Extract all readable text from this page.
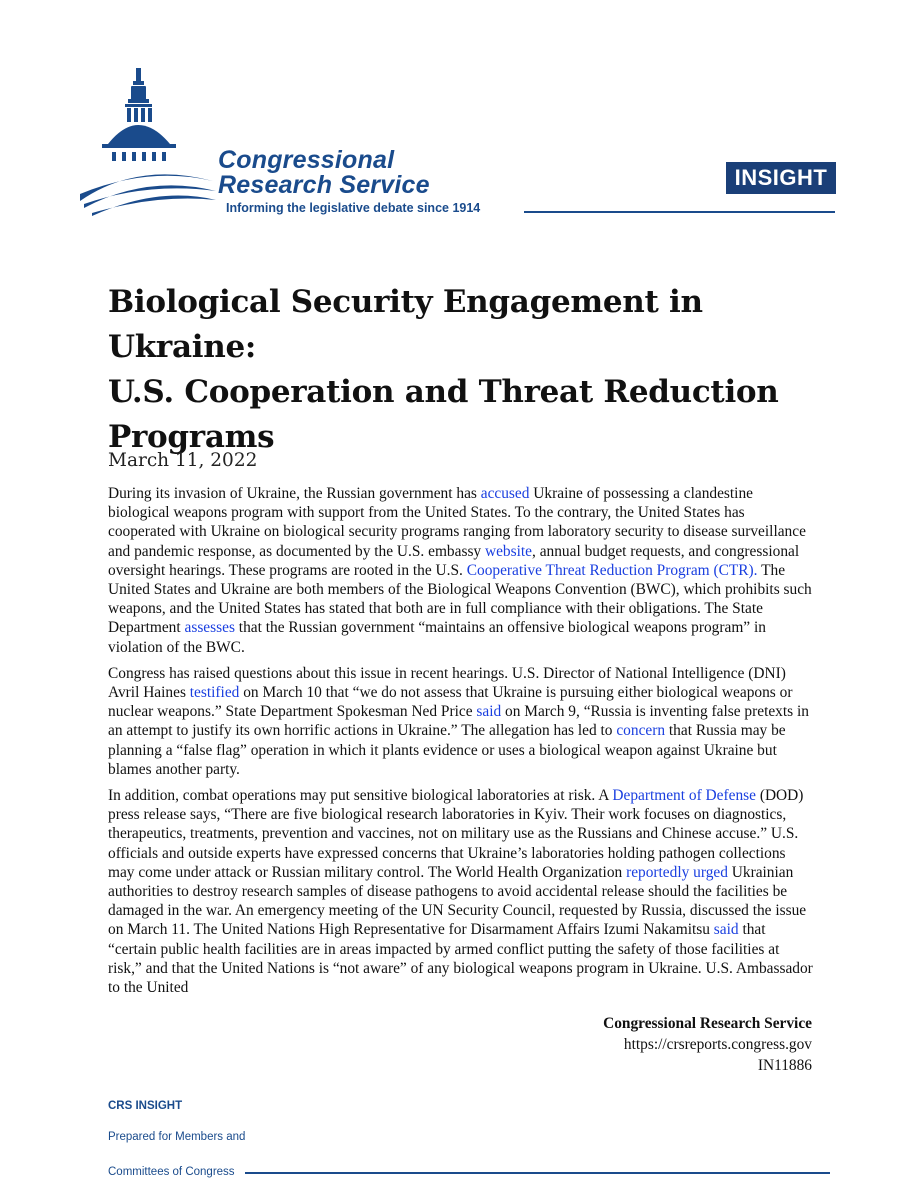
Congressional
Research Service
Informing the legislative debate since 1914
INSIGHT
Biological Security Engagement in Ukraine:
U.S. Cooperation and Threat Reduction
Programs
March 11, 2022

During its invasion of Ukraine, the Russian government has accused Ukraine of possessing a clandestine biological weapons program with support from the United States. To the contrary, the United States has cooperated with Ukraine on biological security programs ranging from laboratory security to disease surveillance and pandemic response, as documented by the U.S. embassy website, annual budget requests, and congressional oversight hearings. These programs are rooted in the U.S. Cooperative Threat Reduction Program (CTR). The United States and Ukraine are both members of the Biological Weapons Convention (BWC), which prohibits such weapons, and the United States has stated that both are in full compliance with their obligations. The State Department assesses that the Russian government “maintains an offensive biological weapons program” in violation of the BWC.

Congress has raised questions about this issue in recent hearings. U.S. Director of National Intelligence (DNI) Avril Haines testified on March 10 that “we do not assess that Ukraine is pursuing either biological weapons or nuclear weapons.” State Department Spokesman Ned Price said on March 9, “Russia is inventing false pretexts in an attempt to justify its own horrific actions in Ukraine.” The allegation has led to concern that Russia may be planning a “false flag” operation in which it plants evidence or uses a biological weapon against Ukraine but blames another party.

In addition, combat operations may put sensitive biological laboratories at risk. A Department of Defense (DOD) press release says, “There are five biological research laboratories in Kyiv. Their work focuses on diagnostics, therapeutics, treatments, prevention and vaccines, not on military use as the Russians and Chinese accuse.” U.S. officials and outside experts have expressed concerns that Ukraine’s laboratories holding pathogen collections may come under attack or Russian military control. The World Health Organization reportedly urged Ukrainian authorities to destroy research samples of disease pathogens to avoid accidental release should the facilities be damaged in the war. An emergency meeting of the UN Security Council, requested by Russia, discussed the issue on March 11. The United Nations High Representative for Disarmament Affairs Izumi Nakamitsu said that “certain public health facilities are in areas impacted by armed conflict putting the safety of those facilities at risk,” and that the United Nations is “not aware” of any biological weapons program in Ukraine. U.S. Ambassador to the United

Congressional Research Service
https://crsreports.congress.gov
IN11886
CRS INSIGHT
Prepared for Members and
Committees of Congress
